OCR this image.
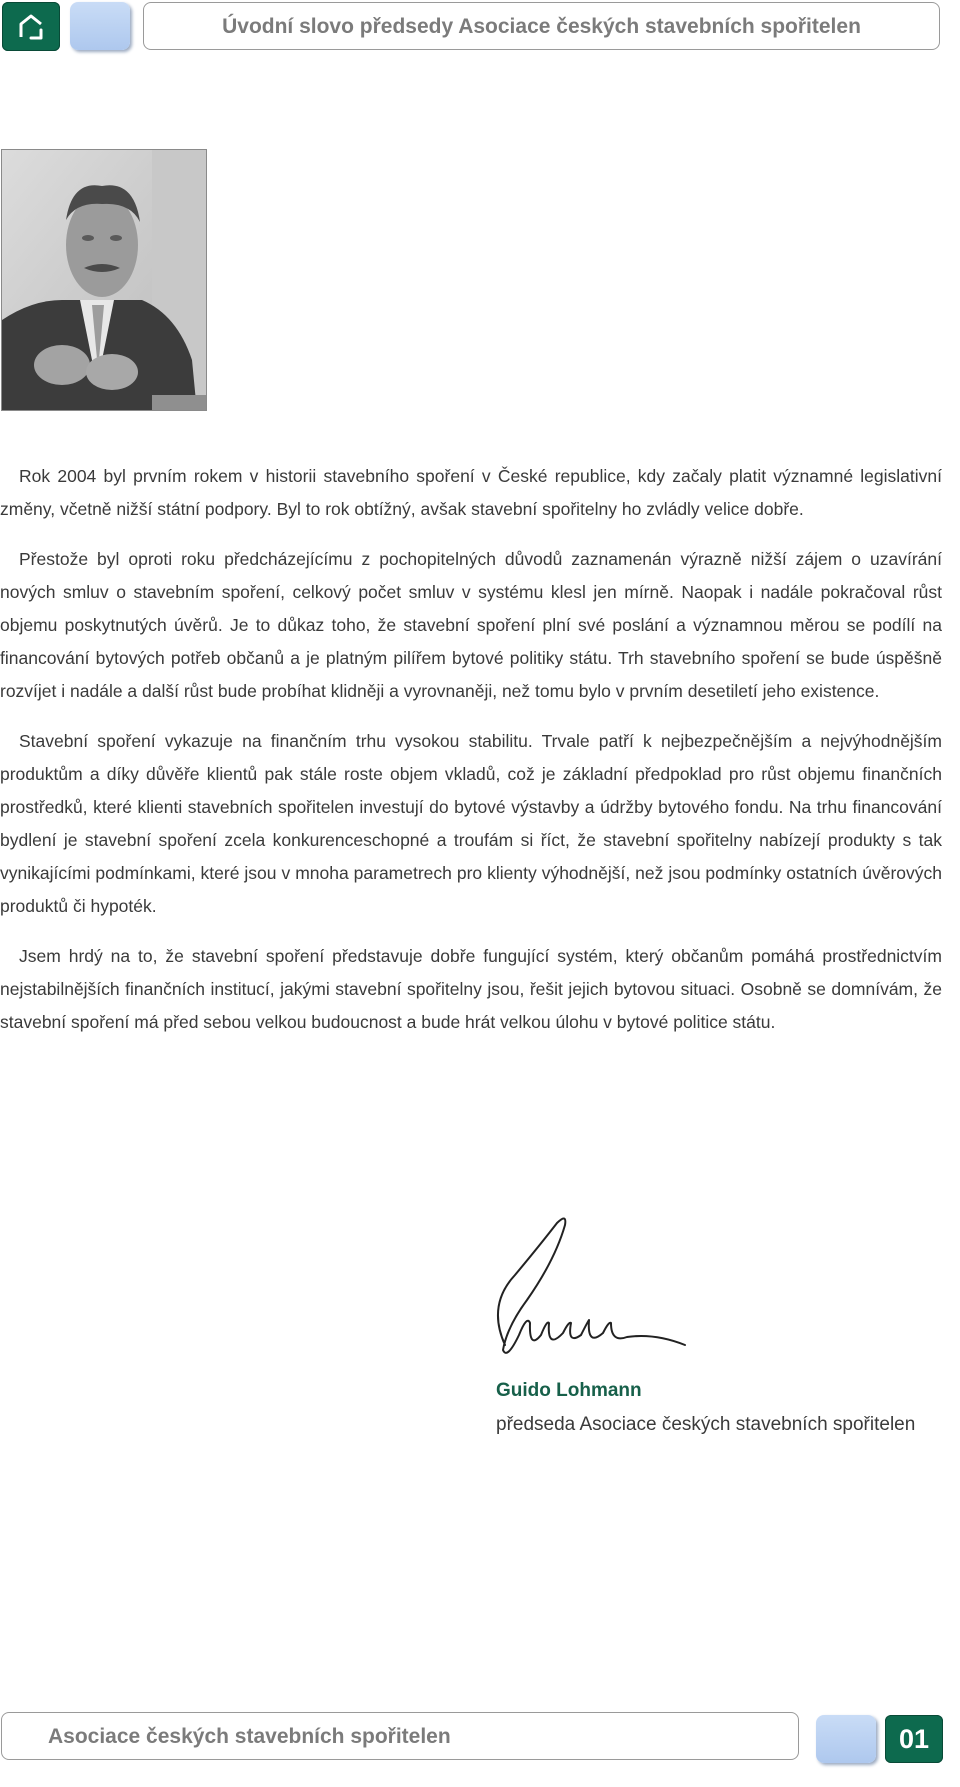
Úvodní slovo předsedy Asociace českých stavebních spořitelen

Rok 2004 byl prvním rokem v historii stavebního spoření v České republice, kdy začaly platit významné legislativní změny, včetně nižší státní podpory. Byl to rok obtížný, avšak stavební spořitelny ho zvládly velice dobře.

Přestože byl oproti roku předcházejícímu z pochopitelných důvodů zaznamenán výrazně nižší zájem o uzavírání nových smluv o stavebním spoření, celkový počet smluv v systému klesl jen mírně. Naopak i nadále pokračoval růst objemu poskytnutých úvěrů. Je to důkaz toho, že stavební spoření plní své poslání a významnou měrou se podílí na financování bytových potřeb občanů a je platným pilířem bytové politiky státu. Trh stavebního spoření se bude úspěšně rozvíjet i nadále a další růst bude probíhat klidněji a vyrovnaněji, než tomu bylo v prvním desetiletí jeho existence.

Stavební spoření vykazuje na finančním trhu vysokou stabilitu. Trvale patří k nejbezpečnějším a nejvýhodnějším produktům a díky důvěře klientů pak stále roste objem vkladů, což je základní předpoklad pro růst objemu finančních prostředků, které klienti stavebních spořitelen investují do bytové výstavby a údržby bytového fondu. Na trhu financování bydlení je stavební spoření zcela konkurenceschopné a troufám si říct, že stavební spořitelny nabízejí produkty s tak vynikajícími podmínkami, které jsou v mnoha parametrech pro klienty výhodnější, než jsou podmínky ostatních úvěrových produktů či hypoték.

Jsem hrdý na to, že stavební spoření představuje dobře fungující systém, který občanům pomáhá prostřednictvím nejstabilnějších finančních institucí, jakými stavební spořitelny jsou, řešit jejich bytovou situaci. Osobně se domnívám, že stavební spoření má před sebou velkou budoucnost a bude hrát velkou úlohu v bytové politice státu.

Guido Lohmann
předseda Asociace českých stavebních spořitelen
Asociace českých stavebních spořitelen	01
